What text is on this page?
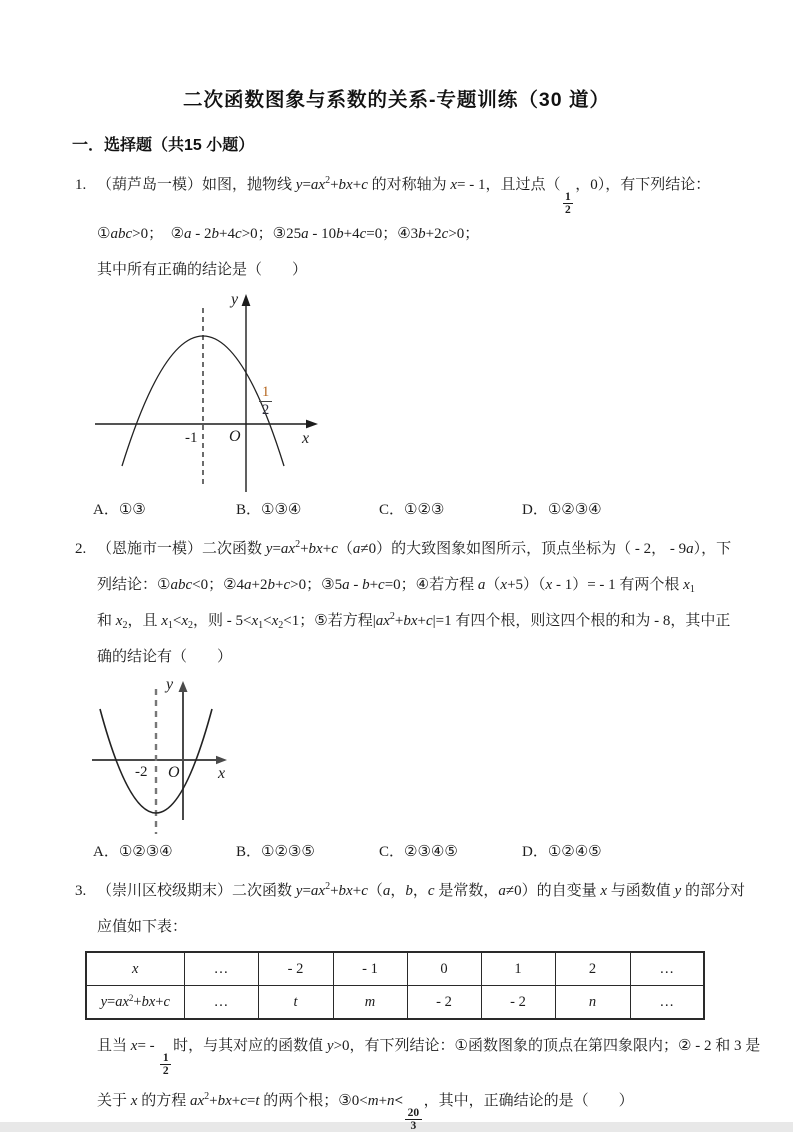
二次函数图象与系数的关系-专题训练（30 道）
一．选择题（共15 小题）
1. （葫芦岛一模）如图，抛物线 $y=ax^2+bx+c$ 的对称轴为 x= - 1，且过点（
$\frac{1}{2}$
，0），有下列结论：
①abc>0；　②a - 2b+4c>0；③25a - 10b+4c=0；④3b+2c>0；
其中所有正确的结论是（　　）
y
x
O
-1
$\frac{1}{2}$
A．①③	B．①③④	C．①②③	D．①②③④
2. （恩施市一模）二次函数 $y=ax^2+bx+c(a\ne 0)$的大致图象如图所示，顶点坐标为（ - 2， - 9a），下
列结论：①abc<0；②4a+2b+c>0；③5a - b+c=0；④若方程 a（x+5）（x - 1）= - 1 有两个根 $x_1$
和 $x_2$，且 $x_1<x_2$，则 - $5<x_1<x_2<1$；⑤若方程$|ax^2+bx+c|=1$ 有四个根，则这四个根的和为 - 8，其中正
确的结论有（　　）
y
x
O
-2
A．①②③④	B．①②③⑤	C．②③④⑤	D．①②④⑤
3. （崇川区校级期末）二次函数 $y=ax^2+bx+c(a$，b，c 是常数，a≠0）的自变量 x 与函数值 y 的部分对
应值如下表：
x	…	- 2	- 1	0	1	2	…
$y=ax^2+bx+c$	…	t	m	- 2	- 2	n	…
且当 x= -
$\frac{1}{2}$
时，与其对应的函数值 y>0，有下列结论：①函数图象的顶点在第四象限内；② - 2 和 3 是
关于 x 的方程 $ax^2+bx+c=t$ 的两个根；③0<m+n<
$\frac{20}{3}$
，其中，正确结论的是（　　）
